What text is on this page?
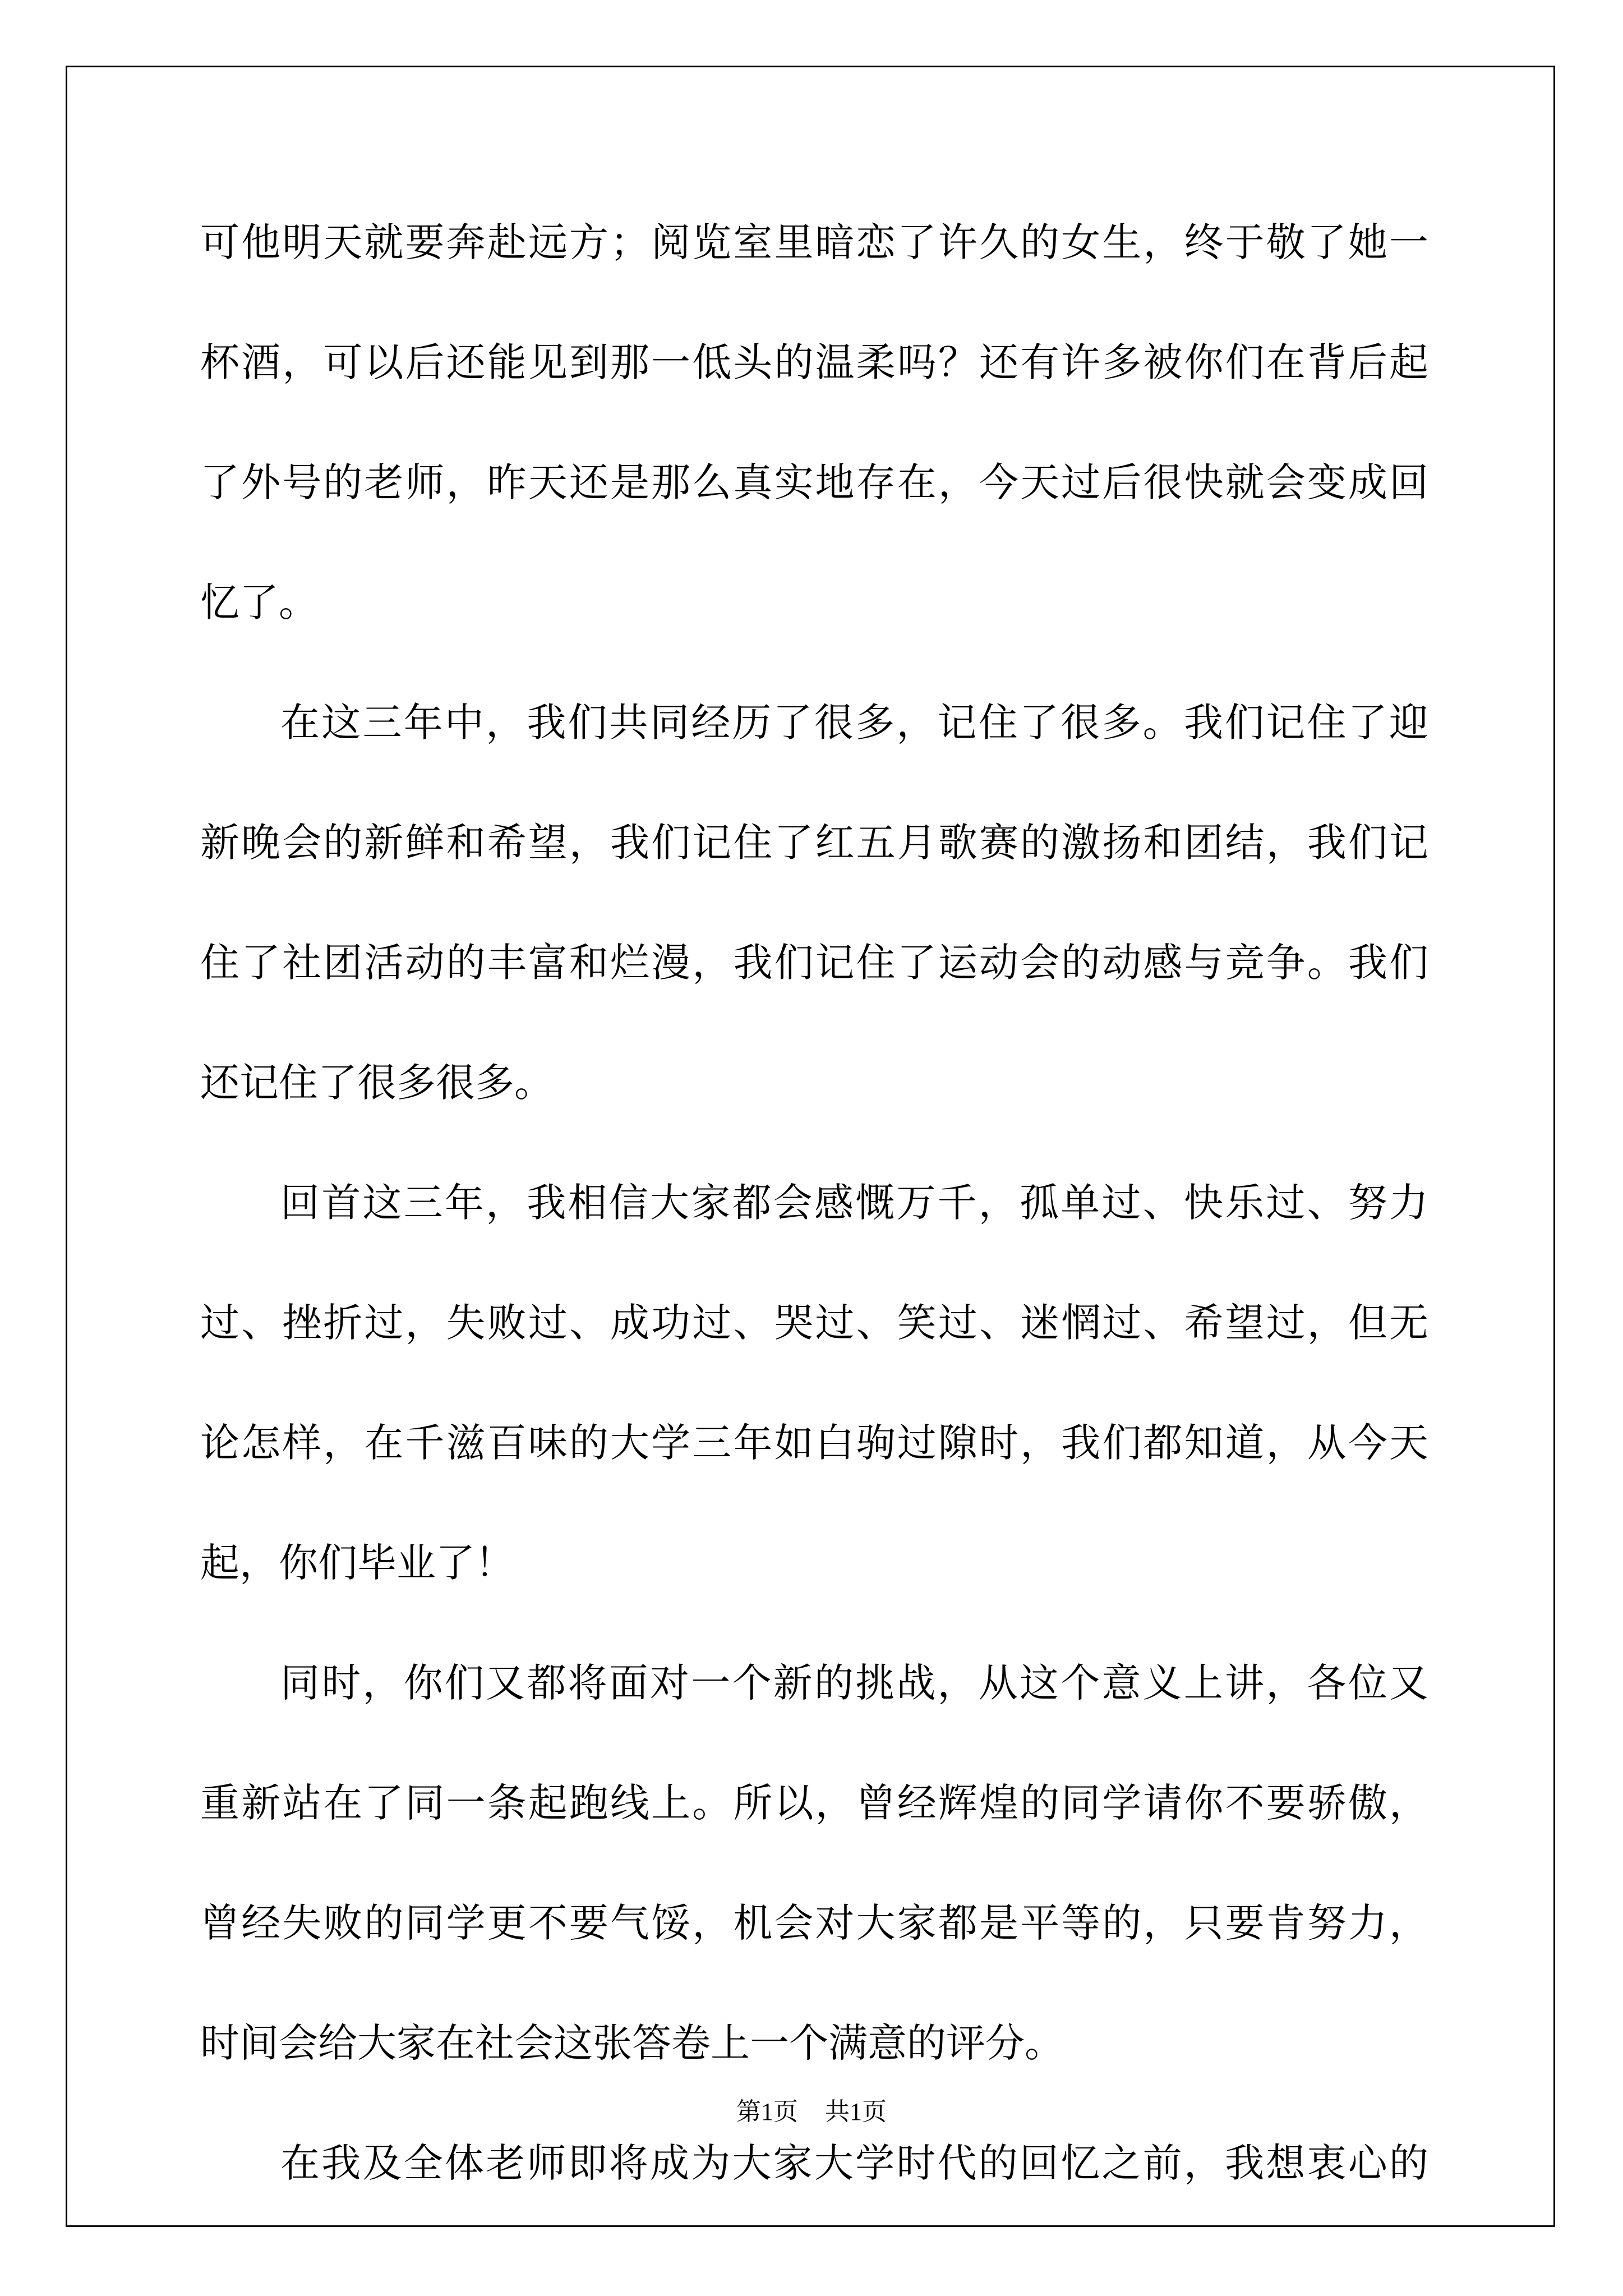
可他明天就要奔赴远方；阅览室里暗恋了许久的女生，终于敬了她一
杯酒，可以后还能见到那一低头的温柔吗？还有许多被你们在背后起
了外号的老师，昨天还是那么真实地存在，今天过后很快就会变成回
忆了。
在这三年中，我们共同经历了很多，记住了很多。我们记住了迎
新晚会的新鲜和希望，我们记住了红五月歌赛的激扬和团结，我们记
住了社团活动的丰富和烂漫，我们记住了运动会的动感与竞争。我们
还记住了很多很多。
回首这三年，我相信大家都会感慨万千，孤单过、快乐过、努力
过、挫折过，失败过、成功过、哭过、笑过、迷惘过、希望过，但无
论怎样，在千滋百味的大学三年如白驹过隙时，我们都知道，从今天
起，你们毕业了！
同时，你们又都将面对一个新的挑战，从这个意义上讲，各位又
重新站在了同一条起跑线上。所以，曾经辉煌的同学请你不要骄傲，
曾经失败的同学更不要气馁，机会对大家都是平等的，只要肯努力，
时间会给大家在社会这张答卷上一个满意的评分。
在我及全体老师即将成为大家大学时代的回忆之前，我想衷心的
第1页 共1页
